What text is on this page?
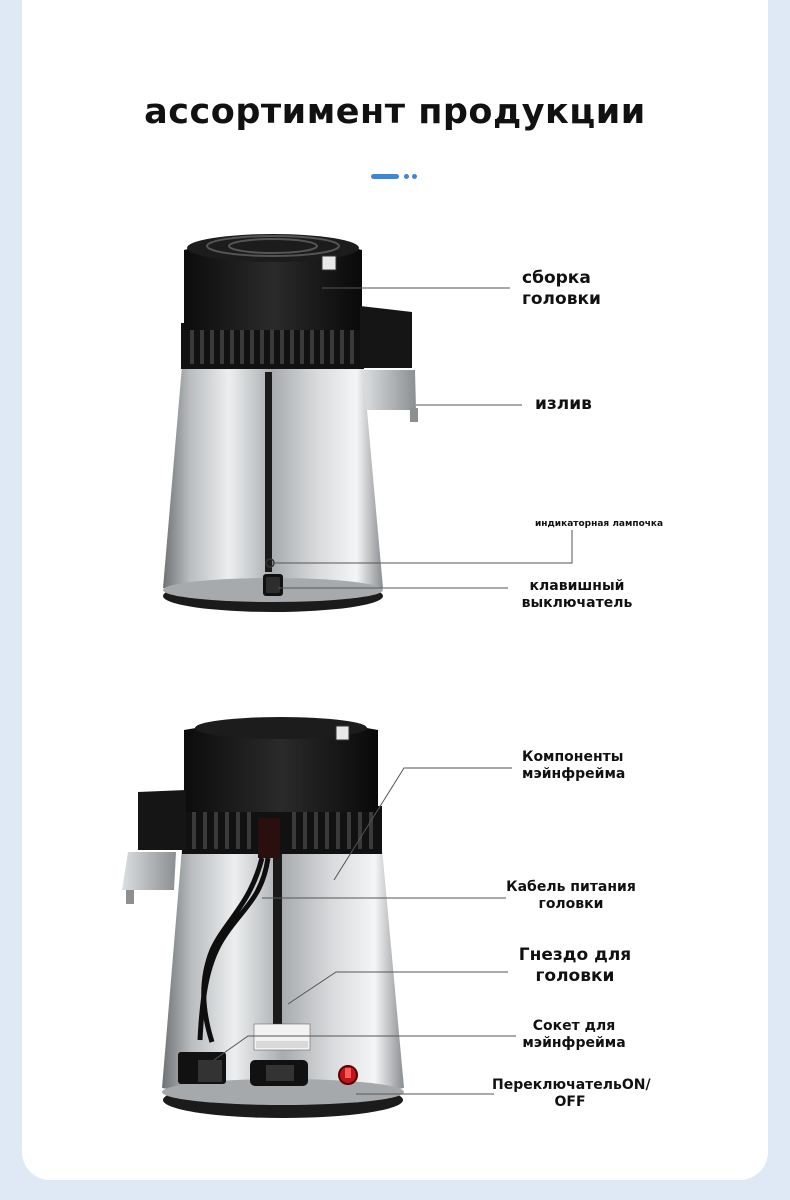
ассортимент продукции
сборка головки
излив
индикаторная лампочка
клавишный выключатель
Компоненты мэйнфрейма
Кабель питания головки
Гнездо для головки
Сокет для мэйнфрейма
ПереключательON/ OFF
